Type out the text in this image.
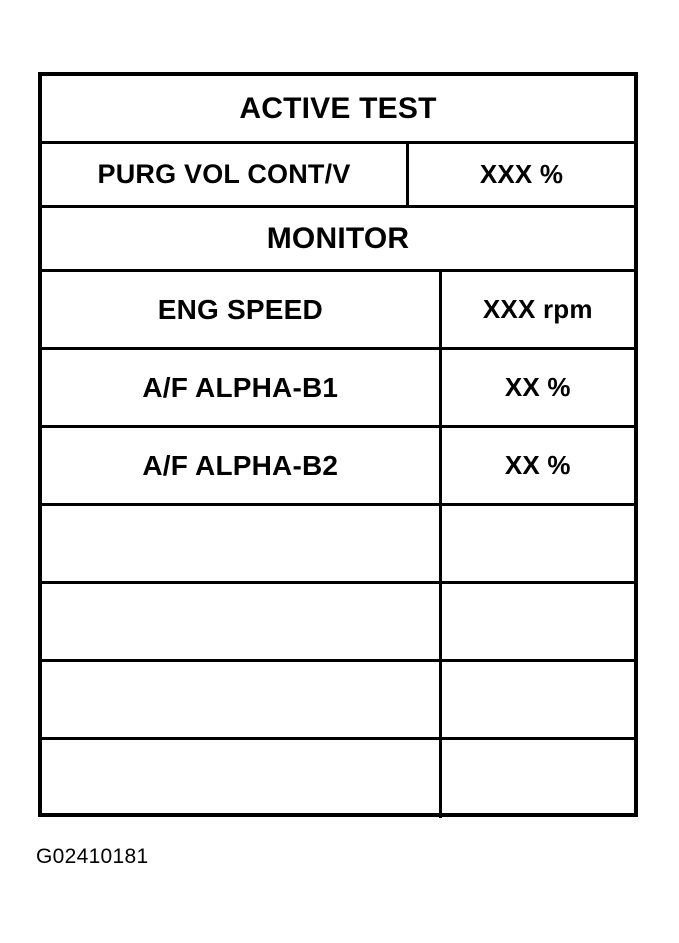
ACTIVE TEST
PURG VOL CONT/V	XXX %
MONITOR
ENG SPEED	XXX rpm
A/F ALPHA-B1	XX %
A/F ALPHA-B2	XX %
G02410181
